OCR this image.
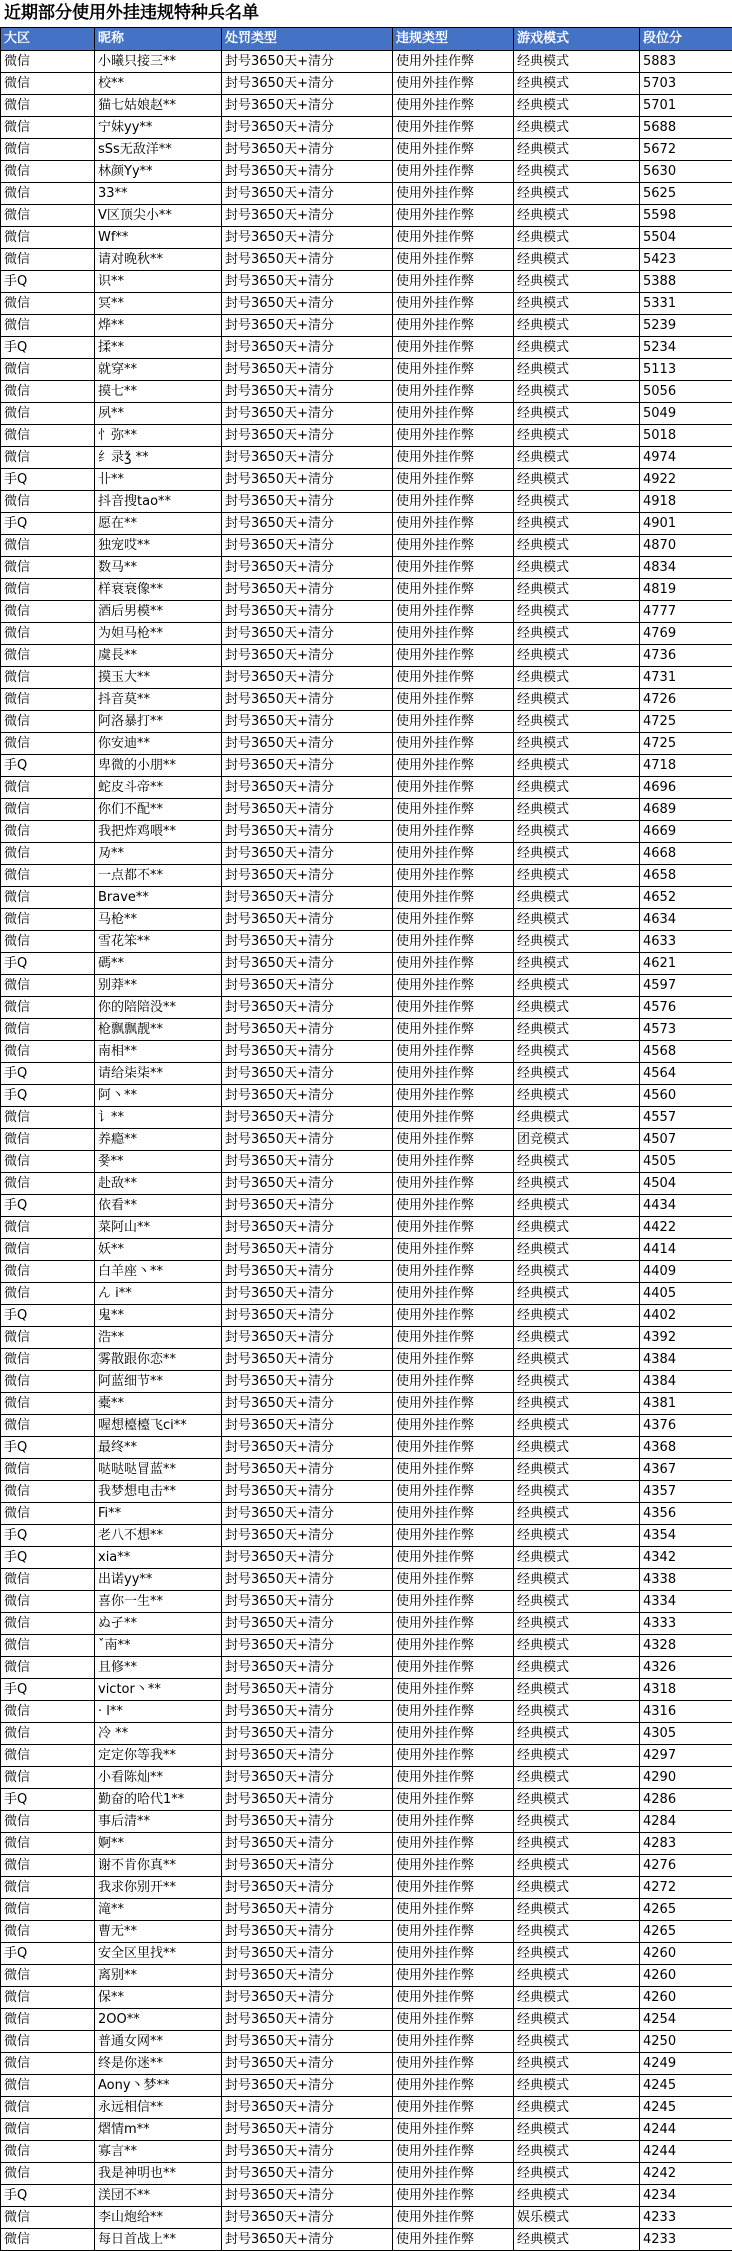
近期部分使用外挂违规特种兵名单
大区	昵称	处罚类型	违规类型	游戏模式	段位分
微信	小曦只接三**	封号3650天+清分	使用外挂作弊	经典模式	5883
微信	校**	封号3650天+清分	使用外挂作弊	经典模式	5703
微信	猫七姑娘赵**	封号3650天+清分	使用外挂作弊	经典模式	5701
微信	宁妹yy**	封号3650天+清分	使用外挂作弊	经典模式	5688
微信	sSs无敌洋**	封号3650天+清分	使用外挂作弊	经典模式	5672
微信	林颜Yy**	封号3650天+清分	使用外挂作弊	经典模式	5630
微信	33**	封号3650天+清分	使用外挂作弊	经典模式	5625
微信	V区顶尖小**	封号3650天+清分	使用外挂作弊	经典模式	5598
微信	Wf**	封号3650天+清分	使用外挂作弊	经典模式	5504
微信	请对晚秋**	封号3650天+清分	使用外挂作弊	经典模式	5423
手Q	识**	封号3650天+清分	使用外挂作弊	经典模式	5388
微信	冥**	封号3650天+清分	使用外挂作弊	经典模式	5331
微信	烨**	封号3650天+清分	使用外挂作弊	经典模式	5239
手Q	揉**	封号3650天+清分	使用外挂作弊	经典模式	5234
微信	就穿**	封号3650天+清分	使用外挂作弊	经典模式	5113
微信	摸七**	封号3650天+清分	使用外挂作弊	经典模式	5056
微信	夙**	封号3650天+清分	使用外挂作弊	经典模式	5049
微信	忄弥**	封号3650天+清分	使用外挂作弊	经典模式	5018
微信	纟录ǯ **	封号3650天+清分	使用外挂作弊	经典模式	4974
手Q	卝**	封号3650天+清分	使用外挂作弊	经典模式	4922
微信	抖音搜tao**	封号3650天+清分	使用外挂作弊	经典模式	4918
手Q	愿在**	封号3650天+清分	使用外挂作弊	经典模式	4901
微信	独宠哎**	封号3650天+清分	使用外挂作弊	经典模式	4870
微信	数马**	封号3650天+清分	使用外挂作弊	经典模式	4834
微信	样衰衰像**	封号3650天+清分	使用外挂作弊	经典模式	4819
微信	酒后男模**	封号3650天+清分	使用外挂作弊	经典模式	4777
微信	为妲马枪**	封号3650天+清分	使用外挂作弊	经典模式	4769
微信	虞長**	封号3650天+清分	使用外挂作弊	经典模式	4736
微信	摸玉大**	封号3650天+清分	使用外挂作弊	经典模式	4731
微信	抖音莫**	封号3650天+清分	使用外挂作弊	经典模式	4726
微信	阿洛暴打**	封号3650天+清分	使用外挂作弊	经典模式	4725
微信	你安迪**	封号3650天+清分	使用外挂作弊	经典模式	4725
手Q	卑微的小朋**	封号3650天+清分	使用外挂作弊	经典模式	4718
微信	蛇皮斗帝**	封号3650天+清分	使用外挂作弊	经典模式	4696
微信	你们不配**	封号3650天+清分	使用外挂作弊	经典模式	4689
微信	我把炸鸡喂**	封号3650天+清分	使用外挂作弊	经典模式	4669
微信	夃**	封号3650天+清分	使用外挂作弊	经典模式	4668
微信	一点都不**	封号3650天+清分	使用外挂作弊	经典模式	4658
微信	Brave**	封号3650天+清分	使用外挂作弊	经典模式	4652
微信	马枪**	封号3650天+清分	使用外挂作弊	经典模式	4634
微信	雪花笨**	封号3650天+清分	使用外挂作弊	经典模式	4633
手Q	碼**	封号3650天+清分	使用外挂作弊	经典模式	4621
微信	别莽**	封号3650天+清分	使用外挂作弊	经典模式	4597
微信	你的陪陪没**	封号3650天+清分	使用外挂作弊	经典模式	4576
微信	枪飘飘靓**	封号3650天+清分	使用外挂作弊	经典模式	4573
微信	南相**	封号3650天+清分	使用外挂作弊	经典模式	4568
手Q	请给柒柒**	封号3650天+清分	使用外挂作弊	经典模式	4564
手Q	阿丶**	封号3650天+清分	使用外挂作弊	经典模式	4560
微信	讠**	封号3650天+清分	使用外挂作弊	经典模式	4557
微信	养瘾**	封号3650天+清分	使用外挂作弊	团竞模式	4507
微信	쭃**	封号3650天+清分	使用外挂作弊	经典模式	4505
微信	赴敌**	封号3650天+清分	使用外挂作弊	经典模式	4504
手Q	依看**	封号3650天+清分	使用外挂作弊	经典模式	4434
微信	菜阿山**	封号3650天+清分	使用外挂作弊	经典模式	4422
微信	妖**	封号3650天+清分	使用外挂作弊	经典模式	4414
微信	白羊座丶**	封号3650天+清分	使用外挂作弊	经典模式	4409
微信	ん i**	封号3650天+清分	使用外挂作弊	经典模式	4405
手Q	鬼**	封号3650天+清分	使用外挂作弊	经典模式	4402
微信	浩**	封号3650天+清分	使用外挂作弊	经典模式	4392
微信	雾散跟你恋**	封号3650天+清分	使用外挂作弊	经典模式	4384
微信	阿蓝细节**	封号3650天+清分	使用外挂作弊	经典模式	4384
微信	橐**	封号3650天+清分	使用外挂作弊	经典模式	4381
微信	喔想檯檯飞ci**	封号3650天+清分	使用外挂作弊	经典模式	4376
手Q	最终**	封号3650天+清分	使用外挂作弊	经典模式	4368
微信	哒哒哒冒蓝**	封号3650天+清分	使用外挂作弊	经典模式	4367
微信	我梦想电击**	封号3650天+清分	使用外挂作弊	经典模式	4357
微信	Fi**	封号3650天+清分	使用外挂作弊	经典模式	4356
手Q	老八不想**	封号3650天+清分	使用外挂作弊	经典模式	4354
手Q	xia**	封号3650天+清分	使用外挂作弊	经典模式	4342
微信	出诺yy**	封号3650天+清分	使用外挂作弊	经典模式	4338
微信	喜你一生**	封号3650天+清分	使用外挂作弊	经典模式	4334
微信	ぬ孑**	封号3650天+清分	使用外挂作弊	经典模式	4333
微信	ˇ南**	封号3650天+清分	使用外挂作弊	经典模式	4328
微信	且修**	封号3650天+清分	使用外挂作弊	经典模式	4326
手Q	victor丶**	封号3650天+清分	使用外挂作弊	经典模式	4318
微信	· l**	封号3650天+清分	使用外挂作弊	经典模式	4316
微信	冷 **	封号3650天+清分	使用外挂作弊	经典模式	4305
微信	定定你等我**	封号3650天+清分	使用外挂作弊	经典模式	4297
微信	小看陈灿**	封号3650天+清分	使用外挂作弊	经典模式	4290
手Q	勤奋的哈代1**	封号3650天+清分	使用外挂作弊	经典模式	4286
微信	事后清**	封号3650天+清分	使用外挂作弊	经典模式	4284
微信	婀**	封号3650天+清分	使用外挂作弊	经典模式	4283
微信	谢不肯你真**	封号3650天+清分	使用外挂作弊	经典模式	4276
微信	我求你别开**	封号3650天+清分	使用外挂作弊	经典模式	4272
微信	滝**	封号3650天+清分	使用外挂作弊	经典模式	4265
微信	曹无**	封号3650天+清分	使用外挂作弊	经典模式	4265
手Q	安全区里找**	封号3650天+清分	使用外挂作弊	经典模式	4260
微信	离别**	封号3650天+清分	使用外挂作弊	经典模式	4260
微信	保**	封号3650天+清分	使用外挂作弊	经典模式	4260
微信	2OO**	封号3650天+清分	使用外挂作弊	经典模式	4254
微信	普通女网**	封号3650天+清分	使用外挂作弊	经典模式	4250
微信	终是你迷**	封号3650天+清分	使用外挂作弊	经典模式	4249
微信	Aony丶梦**	封号3650天+清分	使用外挂作弊	经典模式	4245
微信	永远相信**	封号3650天+清分	使用外挂作弊	经典模式	4245
微信	熠情m**	封号3650天+清分	使用外挂作弊	经典模式	4244
微信	寡言**	封号3650天+清分	使用外挂作弊	经典模式	4244
微信	我是神明也**	封号3650天+清分	使用外挂作弊	经典模式	4242
手Q	渼団不**	封号3650天+清分	使用外挂作弊	经典模式	4234
微信	李山炮给**	封号3650天+清分	使用外挂作弊	娱乐模式	4233
微信	每日首战上**	封号3650天+清分	使用外挂作弊	经典模式	4233
